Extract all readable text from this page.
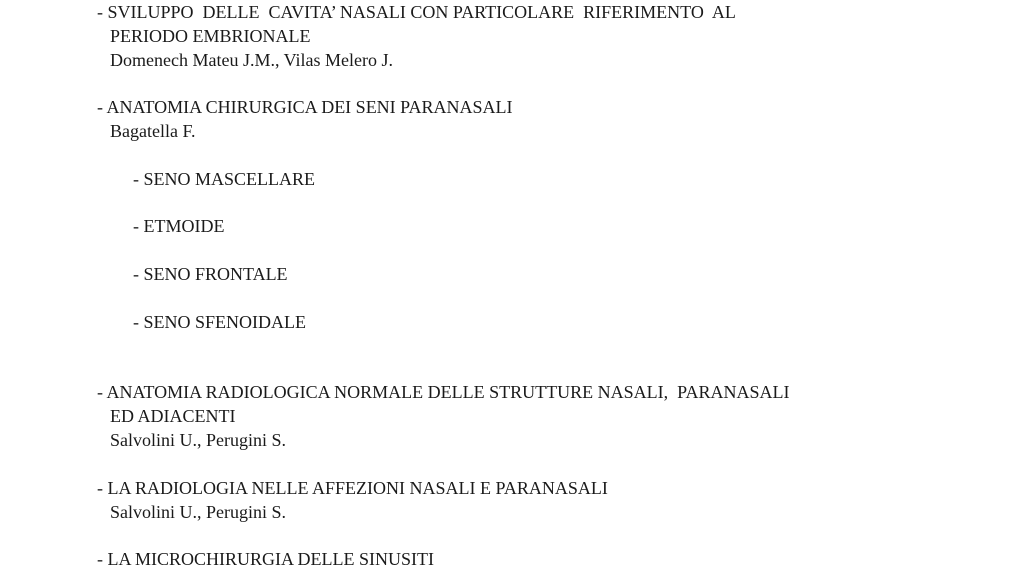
- SVILUPPO  DELLE  CAVITA’ NASALI CON PARTICOLARE  RIFERIMENTO  AL
PERIODO EMBRIONALE
Domenech Mateu J.M., Vilas Melero J.
- ANATOMIA CHIRURGICA DEI SENI PARANASALI
Bagatella F.
- SENO MASCELLARE
- ETMOIDE
- SENO FRONTALE
- SENO SFENOIDALE
- ANATOMIA RADIOLOGICA NORMALE DELLE STRUTTURE NASALI,  PARANASALI
ED ADIACENTI
Salvolini U., Perugini S.
- LA RADIOLOGIA NELLE AFFEZIONI NASALI E PARANASALI
Salvolini U., Perugini S.
- LA MICROCHIRURGIA DELLE SINUSITI
